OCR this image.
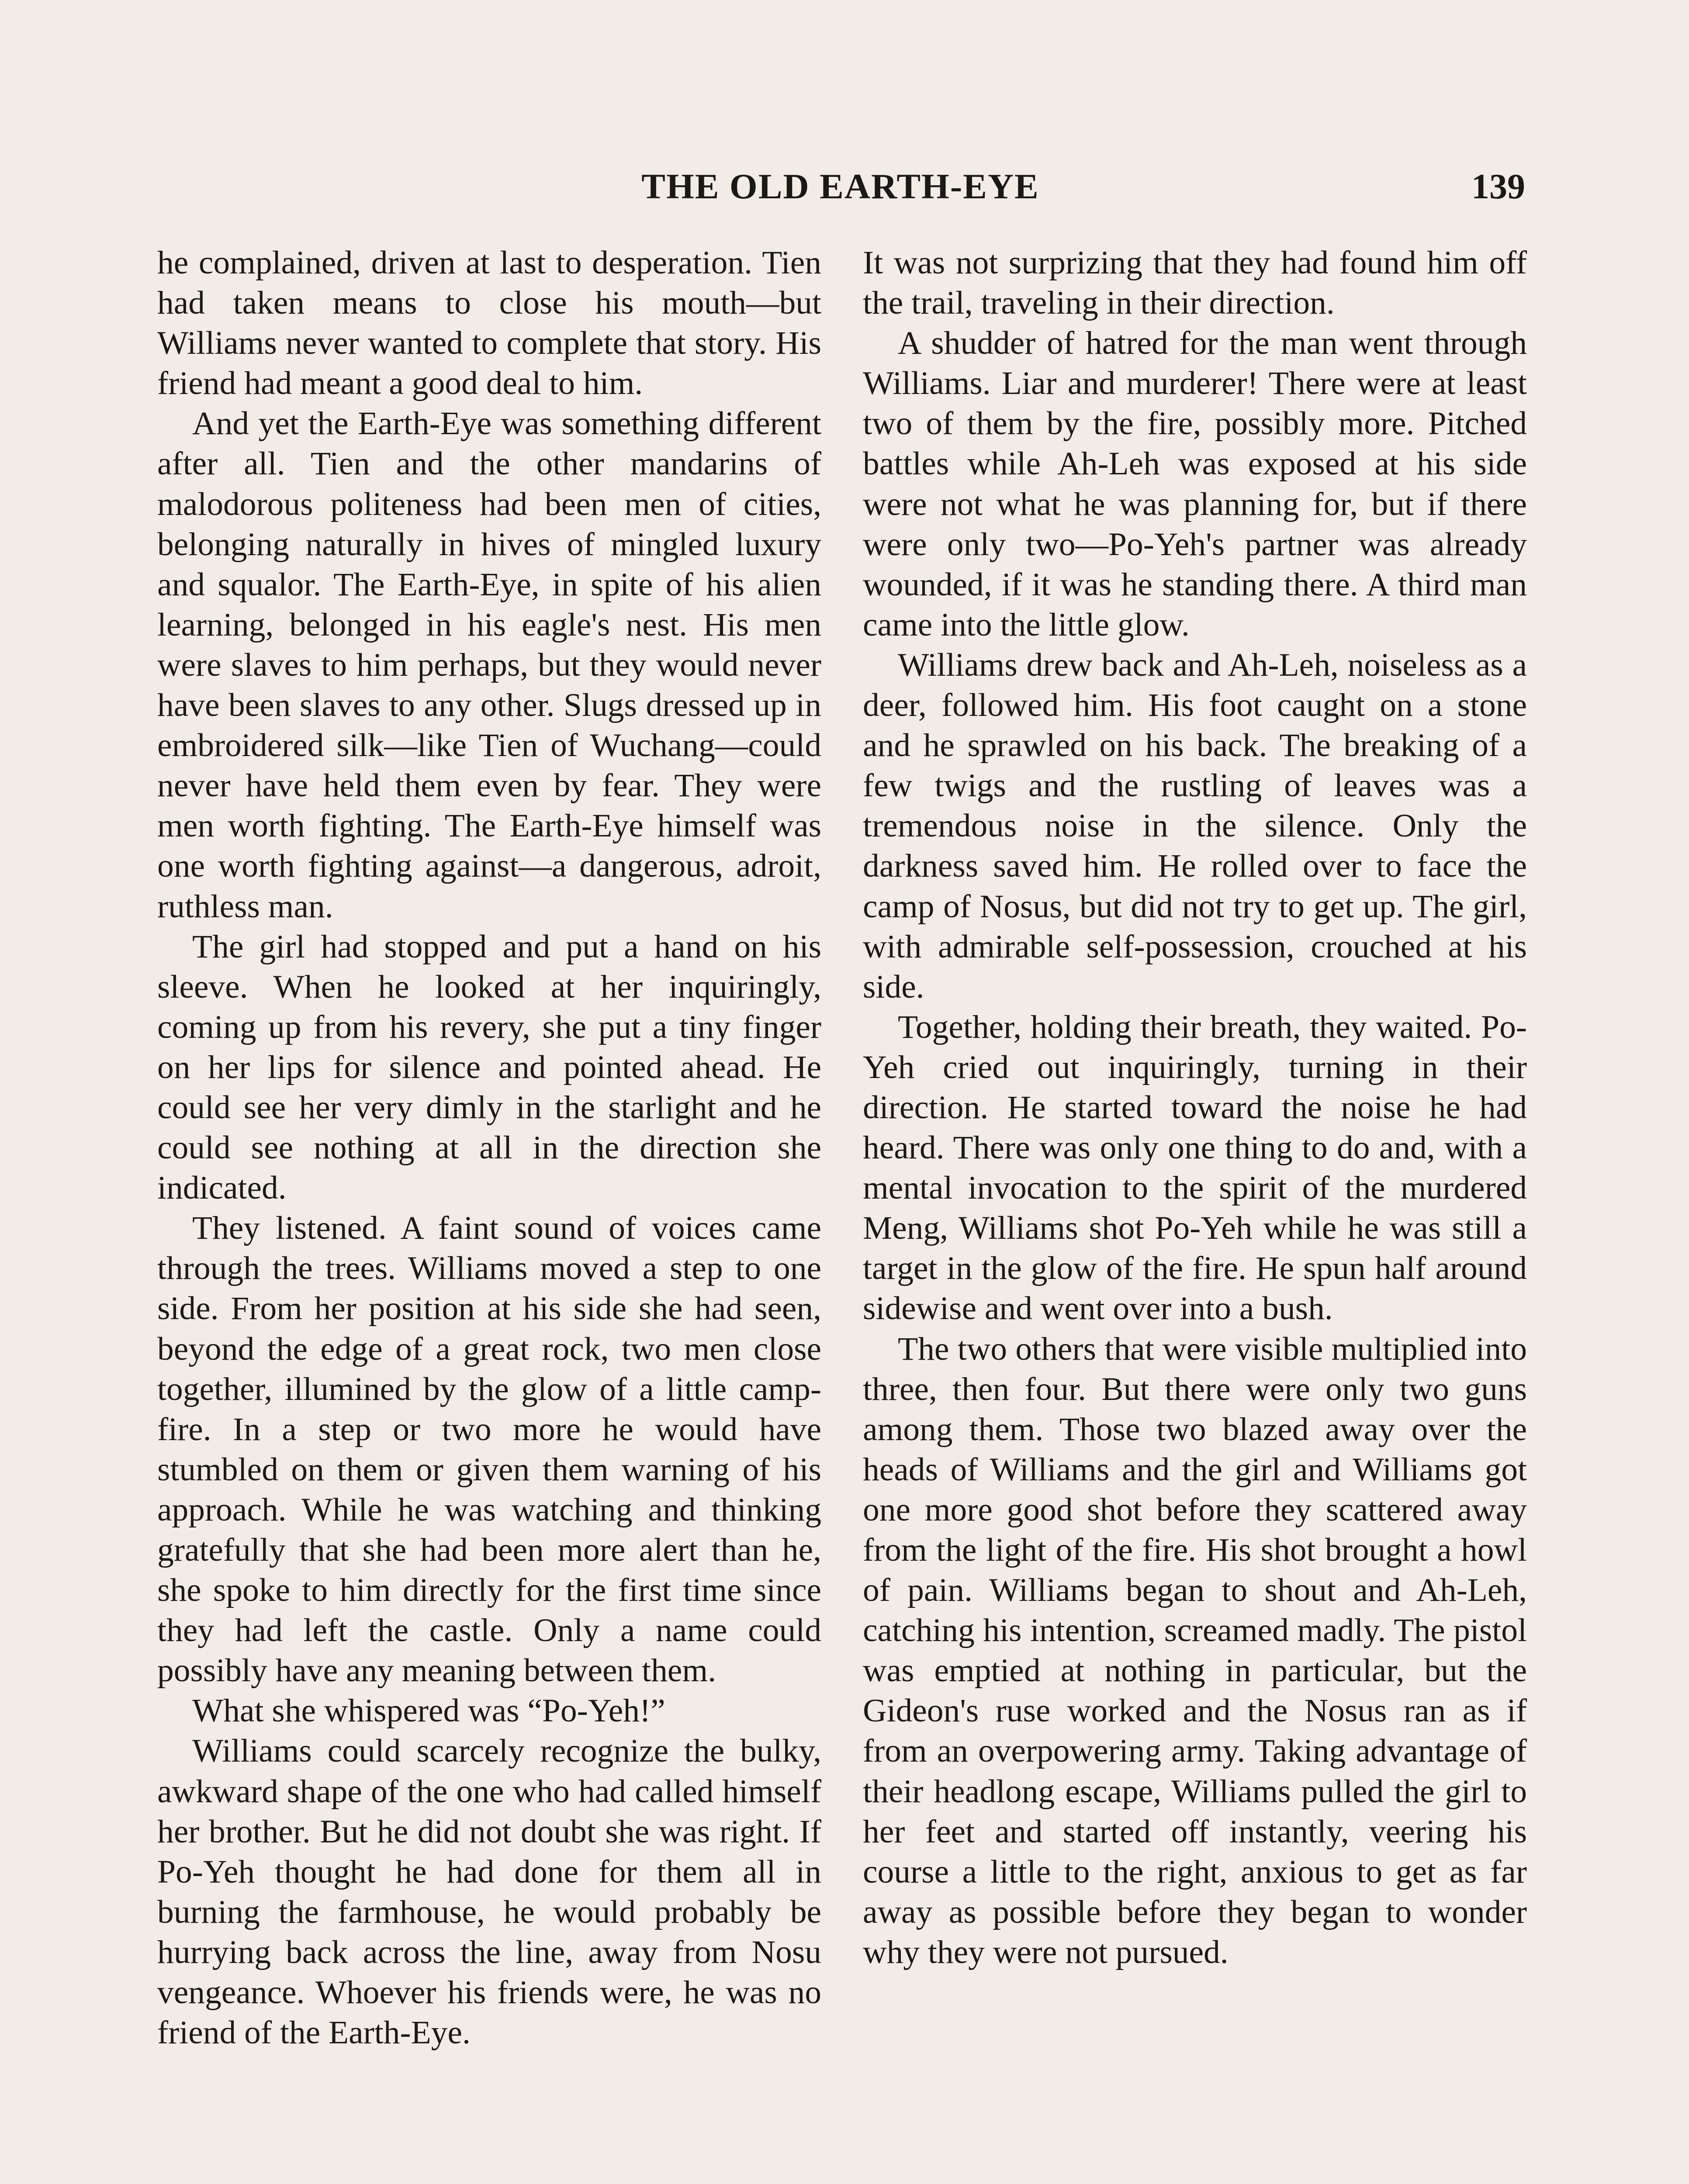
THE OLD EARTH-EYE	139

he complained, driven at last to desperation. Tien had taken means to close his mouth—but Williams never wanted to complete that story. His friend had meant a good deal to him.

And yet the Earth-Eye was something different after all. Tien and the other mandarins of malodorous politeness had been men of cities, belonging naturally in hives of mingled luxury and squalor. The Earth-Eye, in spite of his alien learning, belonged in his eagle's nest. His men were slaves to him perhaps, but they would never have been slaves to any other. Slugs dressed up in embroidered silk—like Tien of Wuchang—could never have held them even by fear. They were men worth fighting. The Earth-Eye himself was one worth fighting against—a dangerous, adroit, ruthless man.

The girl had stopped and put a hand on his sleeve. When he looked at her inquiringly, coming up from his revery, she put a tiny finger on her lips for silence and pointed ahead. He could see her very dimly in the starlight and he could see nothing at all in the direction she indicated.

They listened. A faint sound of voices came through the trees. Williams moved a step to one side. From her position at his side she had seen, beyond the edge of a great rock, two men close together, illumined by the glow of a little camp-fire. In a step or two more he would have stumbled on them or given them warning of his approach. While he was watching and thinking gratefully that she had been more alert than he, she spoke to him directly for the first time since they had left the castle. Only a name could possibly have any meaning between them.

What she whispered was “Po-Yeh!”

Williams could scarcely recognize the bulky, awkward shape of the one who had called himself her brother. But he did not doubt she was right. If Po-Yeh thought he had done for them all in burning the farmhouse, he would probably be hurrying back across the line, away from Nosu vengeance. Whoever his friends were, he was no friend of the Earth-Eye.

It was not surprizing that they had found him off the trail, traveling in their direction.

A shudder of hatred for the man went through Williams. Liar and murderer! There were at least two of them by the fire, possibly more. Pitched battles while Ah-Leh was exposed at his side were not what he was planning for, but if there were only two—Po-Yeh's partner was already wounded, if it was he standing there. A third man came into the little glow.

Williams drew back and Ah-Leh, noiseless as a deer, followed him. His foot caught on a stone and he sprawled on his back. The breaking of a few twigs and the rustling of leaves was a tremendous noise in the silence. Only the darkness saved him. He rolled over to face the camp of Nosus, but did not try to get up. The girl, with admirable self-possession, crouched at his side.

Together, holding their breath, they waited. Po-Yeh cried out inquiringly, turning in their direction. He started toward the noise he had heard. There was only one thing to do and, with a mental invocation to the spirit of the murdered Meng, Williams shot Po-Yeh while he was still a target in the glow of the fire. He spun half around sidewise and went over into a bush.

The two others that were visible multiplied into three, then four. But there were only two guns among them. Those two blazed away over the heads of Williams and the girl and Williams got one more good shot before they scattered away from the light of the fire. His shot brought a howl of pain. Williams began to shout and Ah-Leh, catching his intention, screamed madly. The pistol was emptied at nothing in particular, but the Gideon's ruse worked and the Nosus ran as if from an overpowering army. Taking advantage of their headlong escape, Williams pulled the girl to her feet and started off instantly, veering his course a little to the right, anxious to get as far away as possible before they began to wonder why they were not pursued.
